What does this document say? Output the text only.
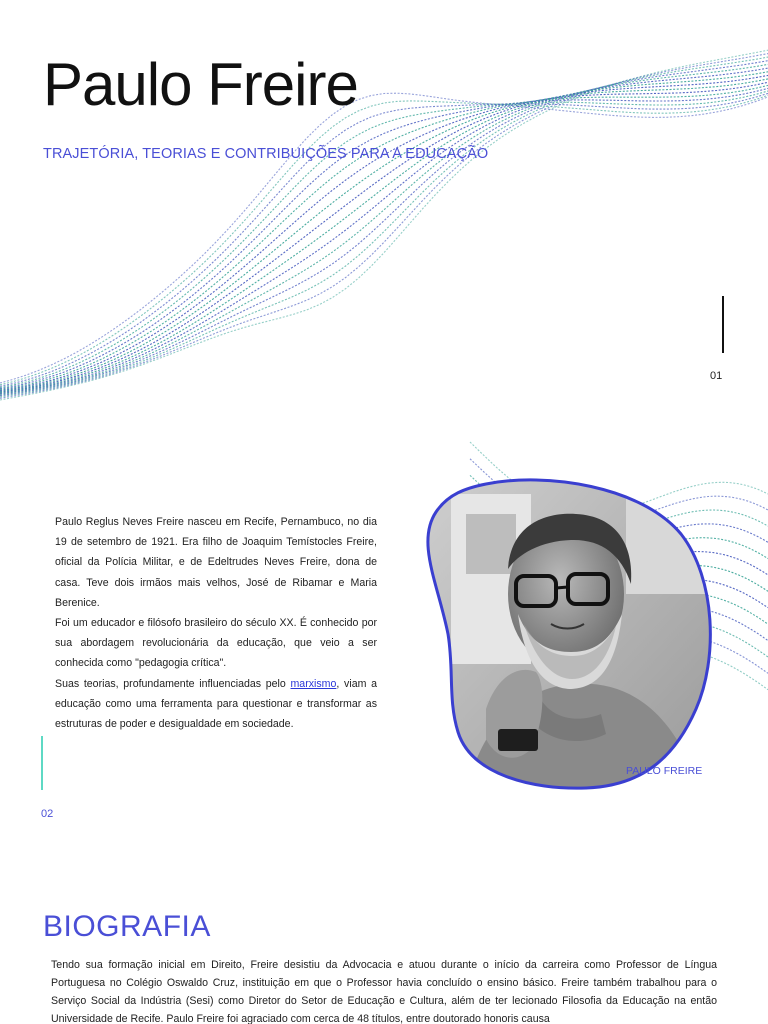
Paulo Freire
TRAJETÓRIA, TEORIAS E CONTRIBUIÇÕES PARA A EDUCAÇÃO
01

Paulo Reglus Neves Freire nasceu em Recife, Pernambuco, no dia 19 de setembro de 1921. Era filho de Joaquim Temístocles Freire, oficial da Polícia Militar, e de Edeltrudes Neves Freire, dona de casa. Teve dois irmãos mais velhos, José de Ribamar e Maria Berenice.

Foi um educador e filósofo brasileiro do século XX. É conhecido por sua abordagem revolucionária da educação, que veio a ser conhecida como "pedagogia crítica".

Suas teorias, profundamente influenciadas pelo marxismo, viam a educação como uma ferramenta para questionar e transformar as estruturas de poder e desigualdade em sociedade.

02
PAULO FREIRE
BIOGRAFIA

Tendo sua formação inicial em Direito, Freire desistiu da Advocacia e atuou durante o início da carreira como Professor de Língua Portuguesa no Colégio Oswaldo Cruz, instituição em que o Professor havia concluído o ensino básico. Freire também trabalhou para o Serviço Social da Indústria (Sesi) como Diretor do Setor de Educação e Cultura, além de ter lecionado Filosofia da Educação na então Universidade de Recife. Paulo Freire foi agraciado com cerca de 48 títulos, entre doutorado honoris causa
